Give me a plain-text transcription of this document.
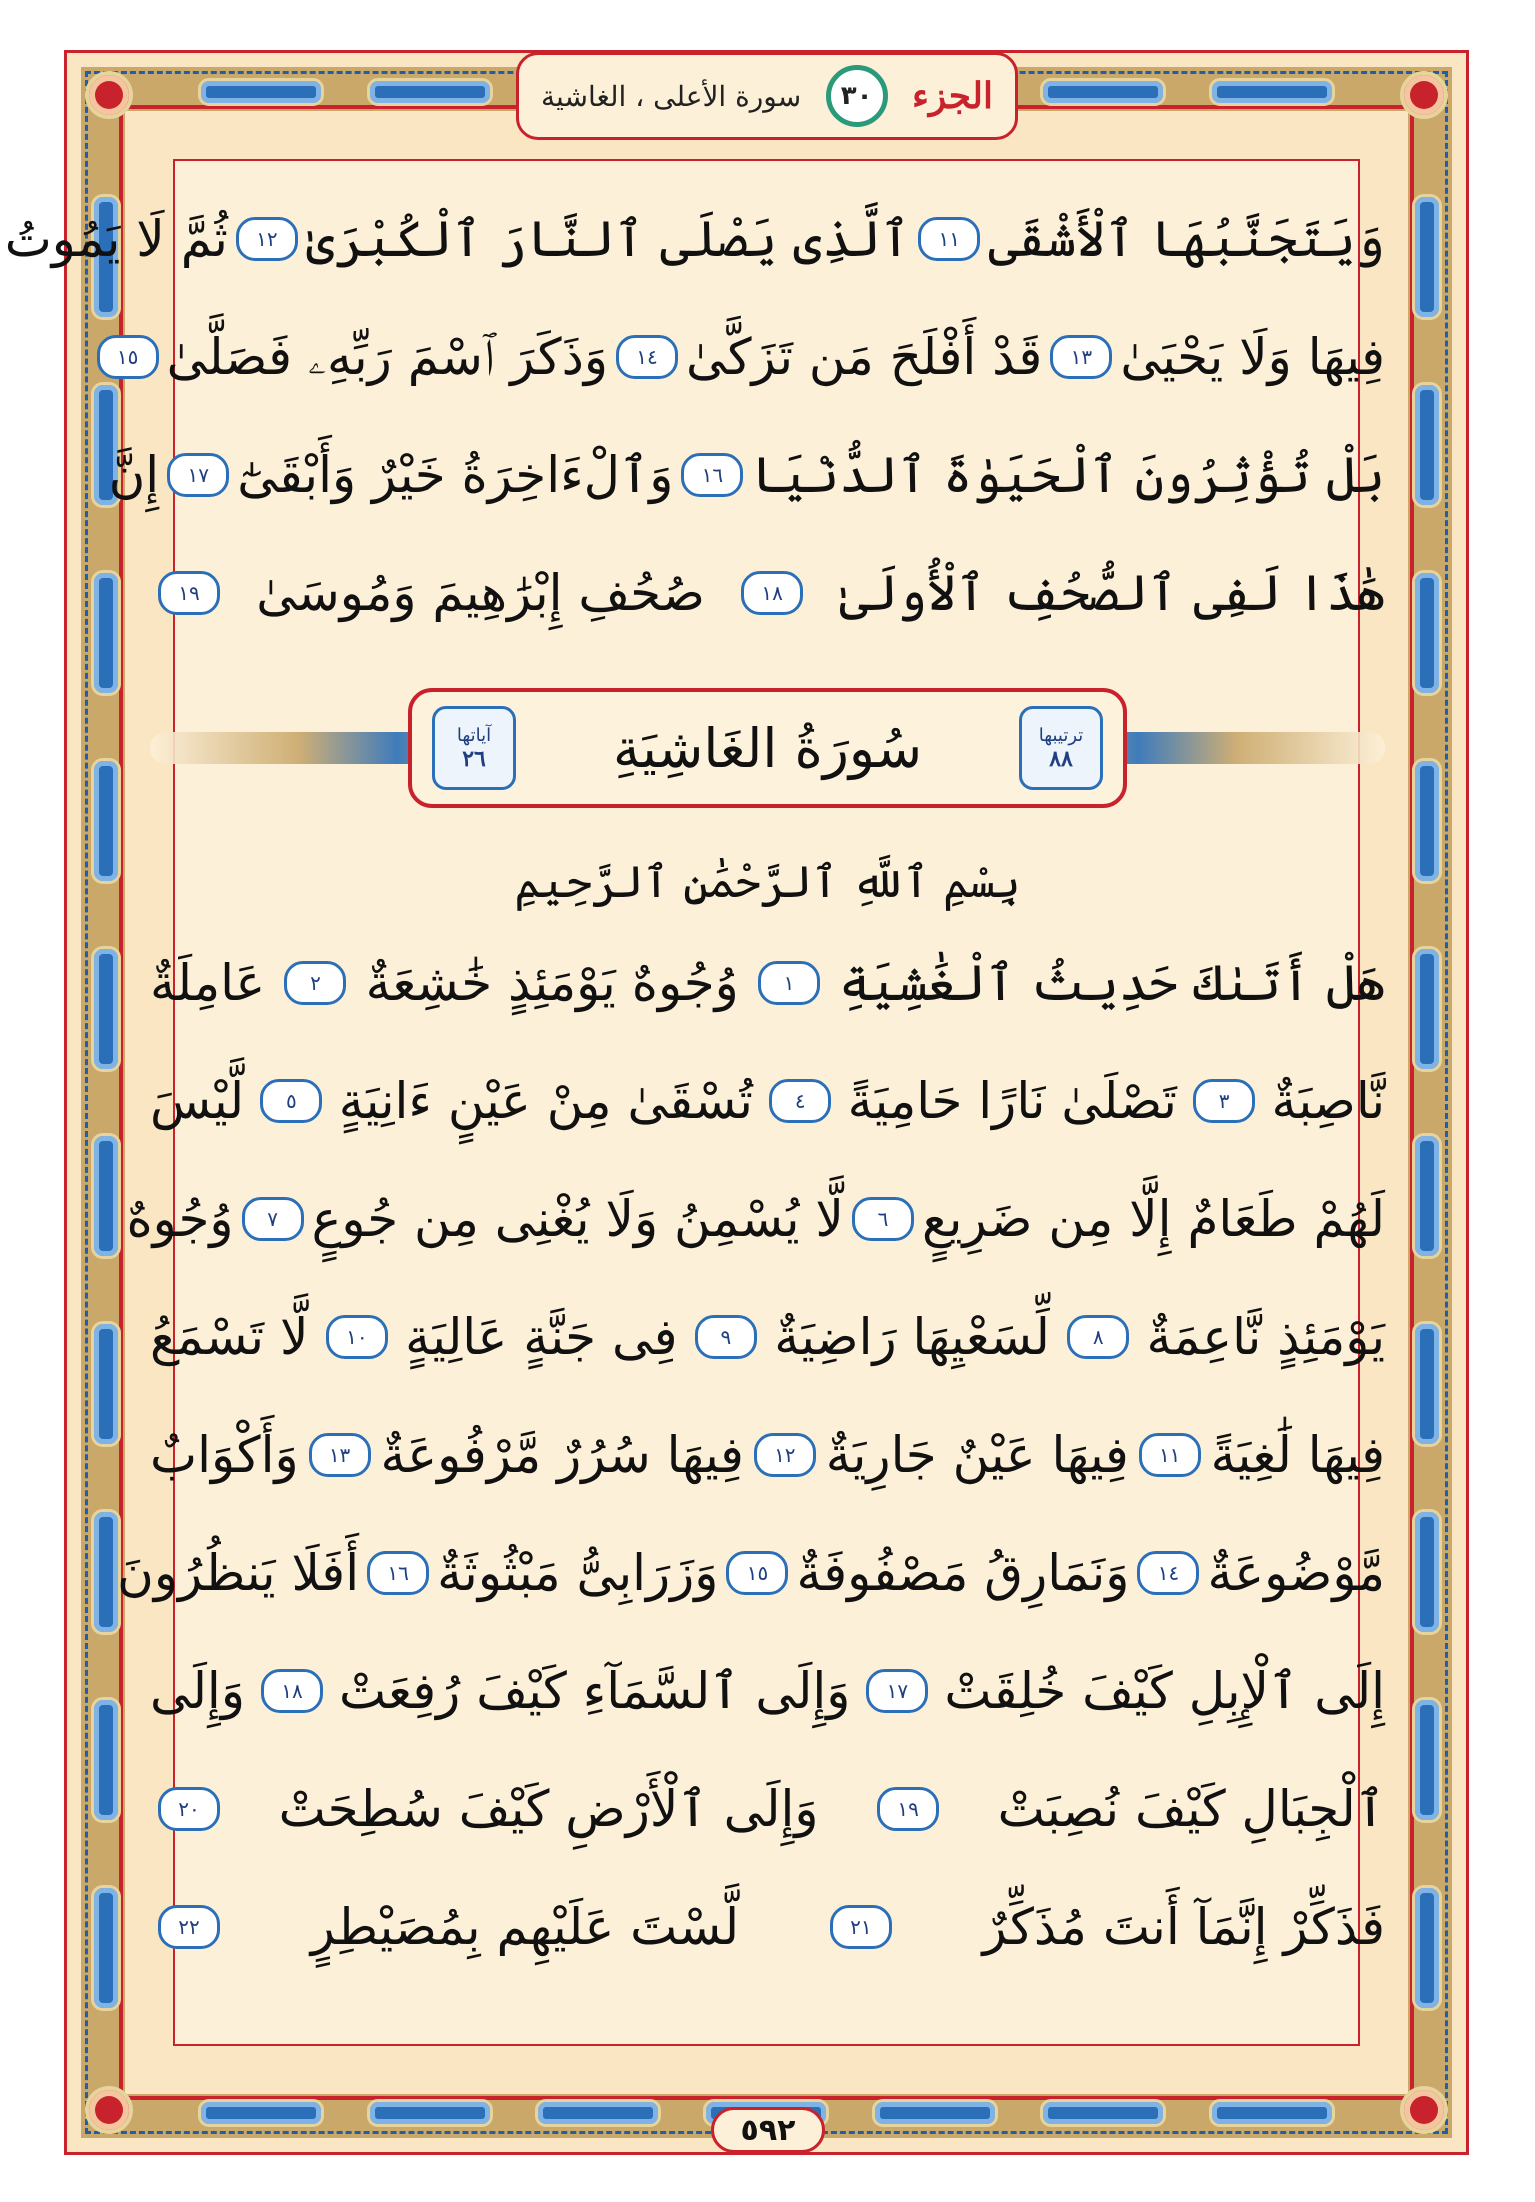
الجزء
٣٠
سورة الأعلى ، الغاشية
وَيَتَجَنَّبُهَا ٱلْأَشْقَى
١١
ٱلَّذِى يَصْلَى ٱلنَّارَ ٱلْكُبْرَىٰ
١٢
ثُمَّ لَا يَمُوتُ
فِيهَا وَلَا يَحْيَىٰ
١٣
قَدْ أَفْلَحَ مَن تَزَكَّىٰ
١٤
وَذَكَرَ ٱسْمَ رَبِّهِۦ فَصَلَّىٰ
١٥
بَلْ تُؤْثِرُونَ ٱلْحَيَوٰةَ ٱلدُّنْيَا
١٦
وَٱلْءَاخِرَةُ خَيْرٌ وَأَبْقَىٰٓ
١٧
إِنَّ
هَٰذَا لَفِى ٱلصُّحُفِ ٱلْأُولَىٰ
١٨
صُحُفِ إِبْرَٰهِيمَ وَمُوسَىٰ
١٩
ترتيبها
٨٨
سُورَةُ الغَاشِيَةِ
آياتها
٢٦
بِسْمِ ٱللَّهِ ٱلرَّحْمَٰنِ ٱلرَّحِيمِ
هَلْ أَتَىٰكَ حَدِيثُ ٱلْغَٰشِيَةِ
١
وُجُوهٌ يَوْمَئِذٍ خَٰشِعَةٌ
٢
عَامِلَةٌ
نَّاصِبَةٌ
٣
تَصْلَىٰ نَارًا حَامِيَةً
٤
تُسْقَىٰ مِنْ عَيْنٍ ءَانِيَةٍ
٥
لَّيْسَ
لَهُمْ طَعَامٌ إِلَّا مِن ضَرِيعٍ
٦
لَّا يُسْمِنُ وَلَا يُغْنِى مِن جُوعٍ
٧
وُجُوهٌ
يَوْمَئِذٍ نَّاعِمَةٌ
٨
لِّسَعْيِهَا رَاضِيَةٌ
٩
فِى جَنَّةٍ عَالِيَةٍ
١٠
لَّا تَسْمَعُ
فِيهَا لَٰغِيَةً
١١
فِيهَا عَيْنٌ جَارِيَةٌ
١٢
فِيهَا سُرُرٌ مَّرْفُوعَةٌ
١٣
وَأَكْوَابٌ
مَّوْضُوعَةٌ
١٤
وَنَمَارِقُ مَصْفُوفَةٌ
١٥
وَزَرَابِىُّ مَبْثُوثَةٌ
١٦
أَفَلَا يَنظُرُونَ
إِلَى ٱلْإِبِلِ كَيْفَ خُلِقَتْ
١٧
وَإِلَى ٱلسَّمَآءِ كَيْفَ رُفِعَتْ
١٨
وَإِلَى
ٱلْجِبَالِ كَيْفَ نُصِبَتْ
١٩
وَإِلَى ٱلْأَرْضِ كَيْفَ سُطِحَتْ
٢٠
فَذَكِّرْ إِنَّمَآ أَنتَ مُذَكِّرٌ
٢١
لَّسْتَ عَلَيْهِم بِمُصَيْطِرٍ
٢٢
٥٩٢
